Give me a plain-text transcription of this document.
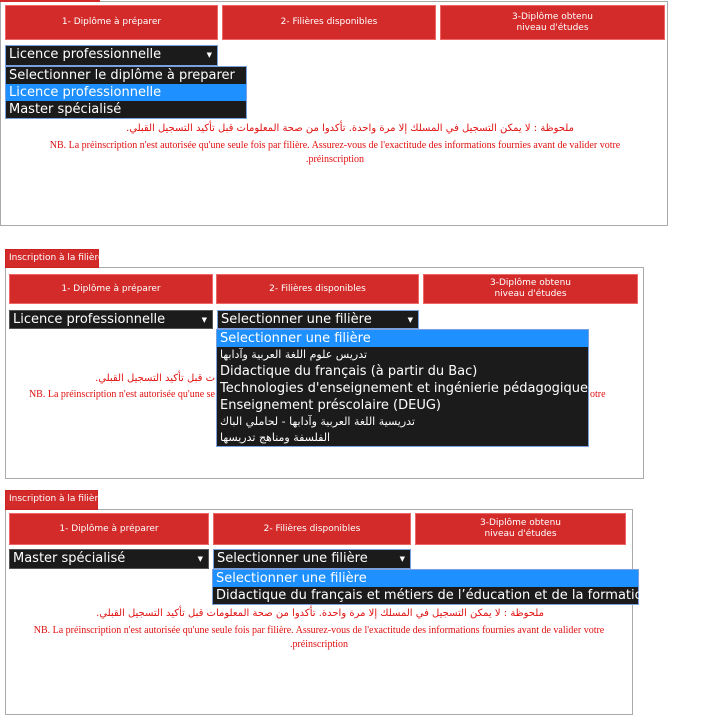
1- Diplôme à préparer	2- Filières disponibles
3-Diplôme obtenu
niveau d'études
ملحوظة : لا يمكن التسجيل في المسلك إلا مرة واحدة. تأكدوا من صحة المعلومات قبل تأكيد التسجيل القبلي.
NB. La préinscription n'est autorisée qu'une seule fois par filière. Assurez-vous de l'exactitude des informations fournies avant de valider votre
.préinscription
Licence professionnelle	▼
Selectionner le diplôme à preparer
Licence professionnelle
Master spécialisé
Inscription à la filière
1- Diplôme à préparer	2- Filières disponibles
3-Diplôme obtenu
niveau d'études
ت قبل تأكيد التسجيل القبلي.
NB. La préinscription n'est autorisée qu'une se	otre
Licence professionnelle	▼	Selectionner une filière	▼
Selectionner une filière
تدريس علوم اللغة العربية وآدابها
Didactique du français (à partir du Bac)
Technologies d'enseignement et ingénierie pédagogique
Enseignement préscolaire (DEUG)
تدريسية اللغة العربية وآدابها - لحاملي الباك
الفلسفة ومناهج تدريسها
Inscription à la filière
1- Diplôme à préparer	2- Filières disponibles
3-Diplôme obtenu
niveau d'études
Master spécialisé	▼	Selectionner une filière	▼
Selectionner une filière
Didactique du français et métiers de l’éducation et de la formation
ملحوظة : لا يمكن التسجيل في المسلك إلا مرة واحدة. تأكدوا من صحة المعلومات قبل تأكيد التسجيل القبلي.
NB. La préinscription n'est autorisée qu'une seule fois par filière. Assurez-vous de l'exactitude des informations fournies avant de valider votre
.préinscription
